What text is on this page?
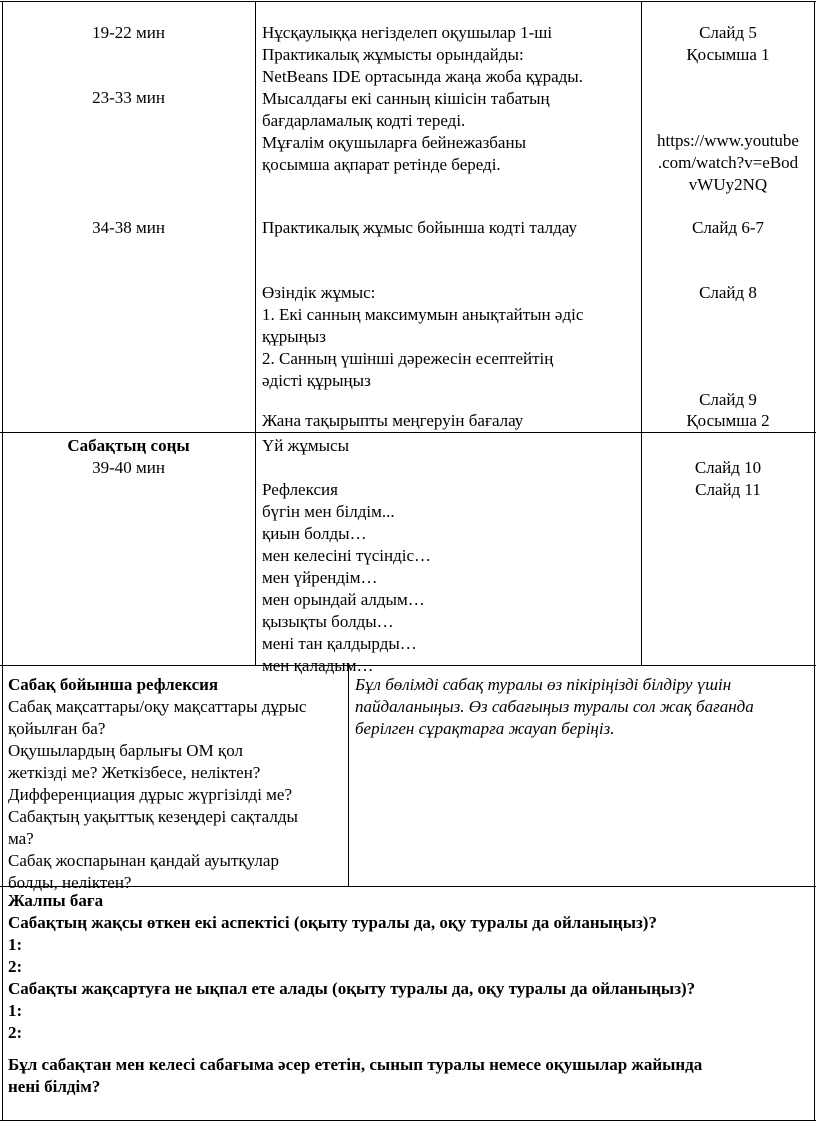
19-22 мин
23-33 мин
34-38 мин
Нұсқаулыққа негізделеп оқушылар 1-ші
Практикалық жұмысты орындайды:
NetBeans IDE ортасында жаңа жоба құрады.
Мысалдағы екі санның кішісін табатың
бағдарламалық кодті тереді.
Мұғалім оқушыларға бейнежазбаны
қосымша ақпарат ретінде береді.
Практикалық жұмыс бойынша кодті талдау
Өзіндік жұмыс:
1. Екі санның максимумын анықтайтын әдіс
құрыңыз
2. Санның үшінші дәрежесін есептейтің
әдісті құрыңыз
Жана тақырыпты меңгеруін бағалау
Слайд 5
Қосымша 1
https://www.youtube
.com/watch?v=eBod
vWUy2NQ
Слайд 6-7
Слайд 8
Слайд 9
Қосымша 2
Сабақтың соңы
39-40 мин
Үй жұмысы
Рефлексия
бүгін мен білдім...
қиын болды…
мен келесіні түсіндіс…
мен үйрендім…
мен орындай алдым…
қызықты болды…
мені тан қалдырды…
мен қаладым…
Слайд 10
Слайд 11
Сабақ бойынша рефлексия
Сабақ мақсаттары/оқу мақсаттары дұрыс
қойылған ба?
Оқушылардың барлығы ОМ қол
жеткізді ме? Жеткізбесе, неліктен?
Дифференциация дұрыс жүргізілді ме?
Сабақтың уақыттық кезеңдері сақталды
ма?
Сабақ жоспарынан қандай ауытқулар
болды, неліктен?
Бұл бөлімді сабақ туралы өз пікіріңізді білдіру үшін
пайдаланыңыз. Өз сабағыңыз туралы сол жақ бағанда
берілген сұрақтарға жауап беріңіз.
Жалпы баға
Сабақтың жақсы өткен екі аспектісі (оқыту туралы да, оқу туралы да ойланыңыз)?
1:
2:
Сабақты жақсартуға не ықпал ете алады (оқыту туралы да, оқу туралы да ойланыңыз)?
1:
2:
Бұл сабақтан мен келесі сабағыма әсер ететін, сынып туралы немесе оқушылар жайында
нені білдім?
